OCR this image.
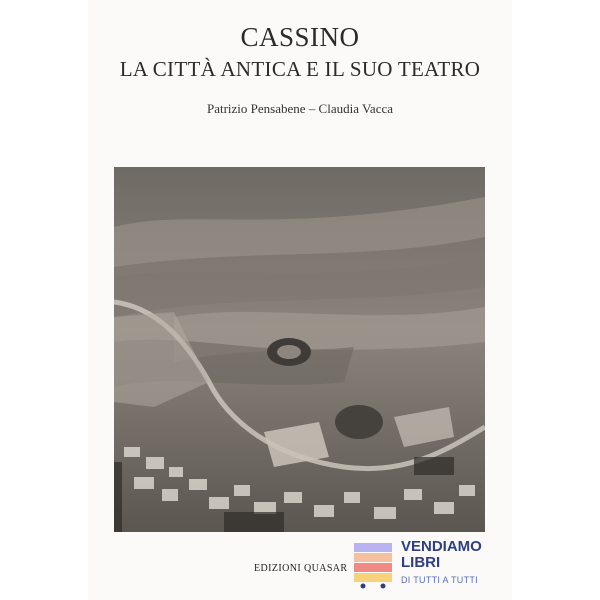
CASSINO
LA CITTÀ ANTICA E IL SUO TEATRO
Patrizio Pensabene – Claudia Vacca
EDIZIONI QUASAR
VENDIAMO
LIBRI
DI TUTTI A TUTTI
